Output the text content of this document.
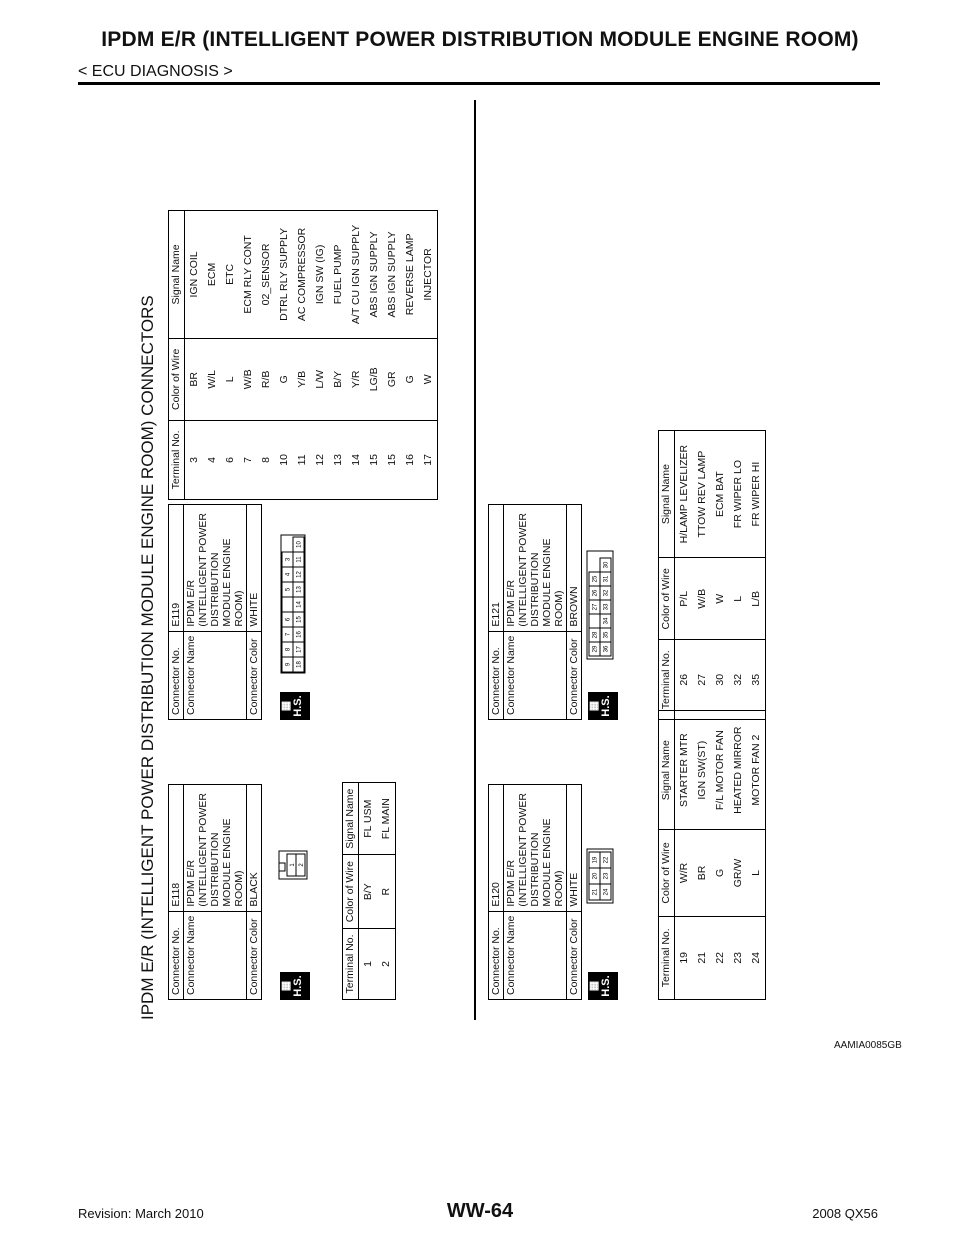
IPDM E/R (INTELLIGENT POWER DISTRIBUTION MODULE ENGINE ROOM)
< ECU DIAGNOSIS >
IPDM E/R (INTELLIGENT POWER DISTRIBUTION MODULE ENGINE ROOM) CONNECTORS Connector No.	E118
Connector Name	IPDM E/R (INTELLIGENT POWER DISTRIBUTION MODULE ENGINE ROOM)
Connector Color	BLACK
▦ H.S.
1 2
Terminal No.	Color of Wire	Signal Name
1	B/Y	FL USM
2	R	FL MAIN
Connector No.	E119
Connector Name	IPDM E/R (INTELLIGENT POWER DISTRIBUTION MODULE ENGINE ROOM)
Connector Color	WHITE
▦ H.S.
9
8
7
6
5
4
3
18
17
16
15
14
13
12
11
10
Terminal No.	Color of Wire	Signal Name
3	BR	IGN COIL
4	W/L	ECM
6	L	ETC
7	W/B	ECM RLY CONT
8	R/B	02_SENSOR
10	G	DTRL RLY SUPPLY
11	Y/B	AC COMPRESSOR
12	L/W	IGN SW (IG)
13	B/Y	FUEL PUMP
14	Y/R	A/T CU IGN SUPPLY
15	LG/B	ABS IGN SUPPLY
15	GR	ABS IGN SUPPLY
16	G	REVERSE LAMP
17	W	INJECTOR
Connector No.	E120
Connector Name	IPDM E/R (INTELLIGENT POWER DISTRIBUTION MODULE ENGINE ROOM)
Connector Color	WHITE
▦ H.S.
21
20
19
24
23
22
Terminal No.	Color of Wire	Signal Name
19	W/R	STARTER MTR
21	BR	IGN SW(ST)
22	G	F/L MOTOR FAN
23	GR/W	HEATED MIRROR
24	L	MOTOR FAN 2
Connector No.	E121
Connector Name	IPDM E/R (INTELLIGENT POWER DISTRIBUTION MODULE ENGINE ROOM)
Connector Color	BROWN
▦ H.S.
29
28
27
26
25
36
35
34
33
32
31
30
Terminal No.	Color of Wire	Signal Name
26	P/L	H/LAMP LEVELIZER
27	W/B	TTOW REV LAMP
30	W	ECM BAT
32	L	FR WIPER LO
35	L/B	FR WIPER HI
AAMIA0085GB
Revision: March 2010	WW-64	2008 QX56
